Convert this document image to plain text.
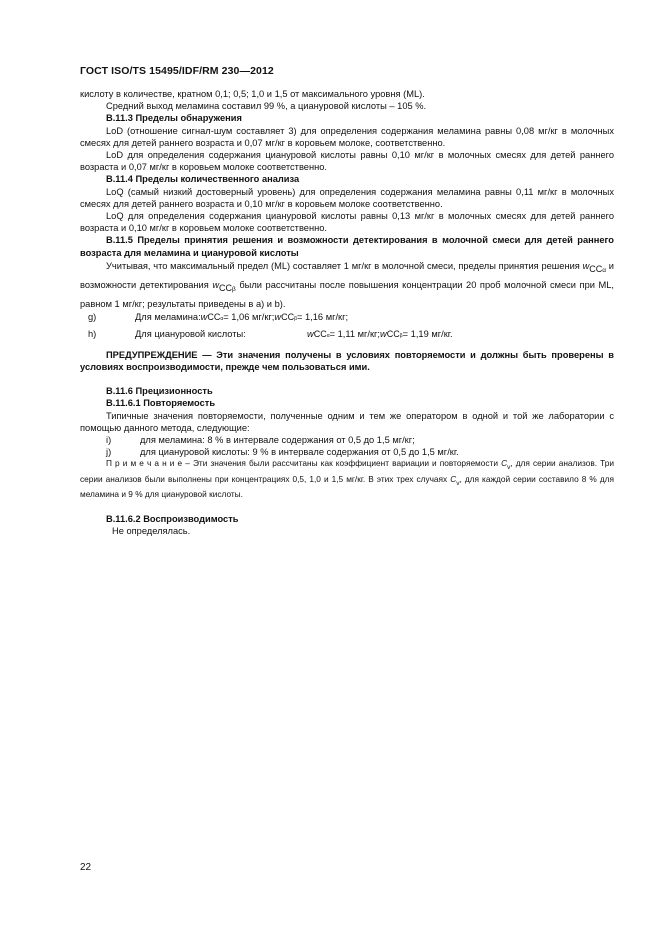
ГОСТ ISO/TS 15495/IDF/RM 230—2012

кислоту в количестве, кратном 0,1; 0,5; 1,0 и 1,5 от максимального уровня (ML).

Средний выход меламина составил 99 %, а циануровой кислоты – 105 %.

В.11.3 Пределы обнаружения

LoD (отношение сигнал-шум составляет 3) для определения содержания меламина равны 0,08 мг/кг в молочных смесях для детей раннего возраста и 0,07 мг/кг в коровьем молоке, соответственно.

LoD для определения содержания циануровой кислоты равны 0,10 мг/кг в молочных смесях для детей раннего возраста и 0,07 мг/кг в коровьем молоке соответственно.

В.11.4 Пределы количественного анализа

LoQ (самый низкий достоверный уровень) для определения содержания меламина равны 0,11 мг/кг в молочных смесях для детей раннего возраста и 0,10 мг/кг в коровьем молоке соответственно.

LoQ для определения содержания циануровой кислоты равны 0,13 мг/кг в молочных смесях для детей раннего возраста и 0,10 мг/кг в коровьем молоке соответственно.

В.11.5 Пределы принятия решения и возможности детектирования в молочной смеси для детей раннего возраста для меламина и циануровой кислоты

Учитывая, что максимальный предел (ML) составляет 1 мг/кг в молочной смеси, пределы принятия решения wCC$_\alpha$ и возможности детектирования wCC$_\beta$ были рассчитаны после повышения концентрации 20 проб молочной смеси при ML, равном 1 мг/кг; результаты приведены в a) и b).

g)	Для меламина: w CC α = 1,06 мг/кг; w CC β = 1,16 мг/кг;
h)	Для циануровой кислоты:	w CC α = 1,11 мг/кг; w CC β = 1,19 мг/кг.

ПРЕДУПРЕЖДЕНИЕ — Эти значения получены в условиях повторяемости и должны быть проверены в условиях воспроизводимости, прежде чем пользоваться ими.

В.11.6 Прецизионность

В.11.6.1 Повторяемость

Типичные значения повторяемости, полученные одним и тем же оператором в одной и той же лаборатории с помощью данного метода, следующие:

i)	для меламина: 8 % в интервале содержания от 0,5 до 1,5 мг/кг;
j)	для циануровой кислоты: 9 % в интервале содержания от 0,5 до 1,5 мг/кг.

П р и м е ч а н и е – Эти значения были рассчитаны как коэффициент вариации и повторяемости $C_v$, для серии анализов. Три серии анализов были выполнены при концентрациях 0,5, 1,0 и 1,5 мг/кг. В этих трех случаях $C_v$, для каждой серии составило 8 % для меламина и 9 % для циануровой кислоты.

В.11.6.2 Воспроизводимость

Не определялась.

22
